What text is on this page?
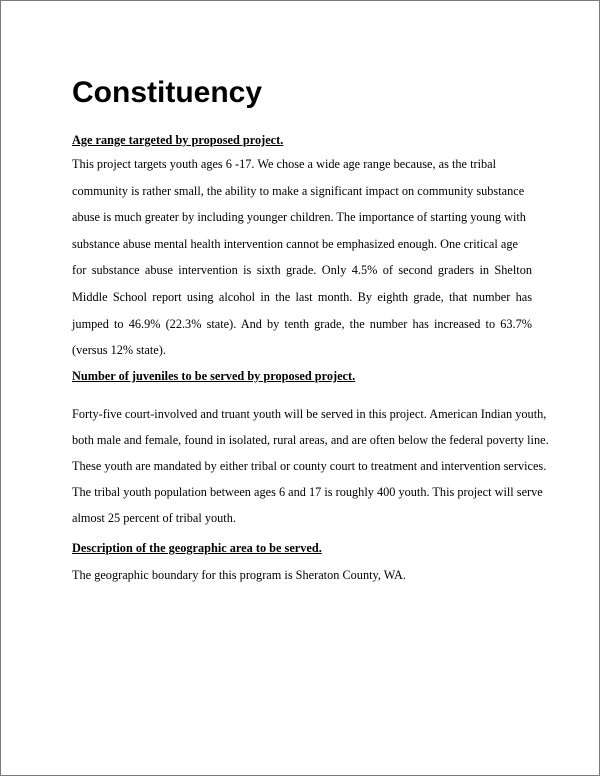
Constituency
Age range targeted by proposed project.
This project targets youth ages 6 -17. We chose a wide age range because, as the tribal
community is rather small, the ability to make a significant impact on community substance
abuse is much greater by including younger children. The importance of starting young with
substance abuse mental health intervention cannot be emphasized enough. One critical age
for substance abuse intervention is sixth grade. Only 4.5% of second graders in Shelton
Middle School report using alcohol in the last month. By eighth grade, that number has
jumped to 46.9% (22.3% state). And by tenth grade, the number has increased to 63.7%
(versus 12% state).
Number of juveniles to be served by proposed project.
Forty-five court-involved and truant youth will be served in this project. American Indian youth,
both male and female, found in isolated, rural areas, and are often below the federal poverty line.
These youth are mandated by either tribal or county court to treatment and intervention services.
The tribal youth population between ages 6 and 17 is roughly 400 youth. This project will serve
almost 25 percent of tribal youth.
Description of the geographic area to be served.
The geographic boundary for this program is Sheraton County, WA.
